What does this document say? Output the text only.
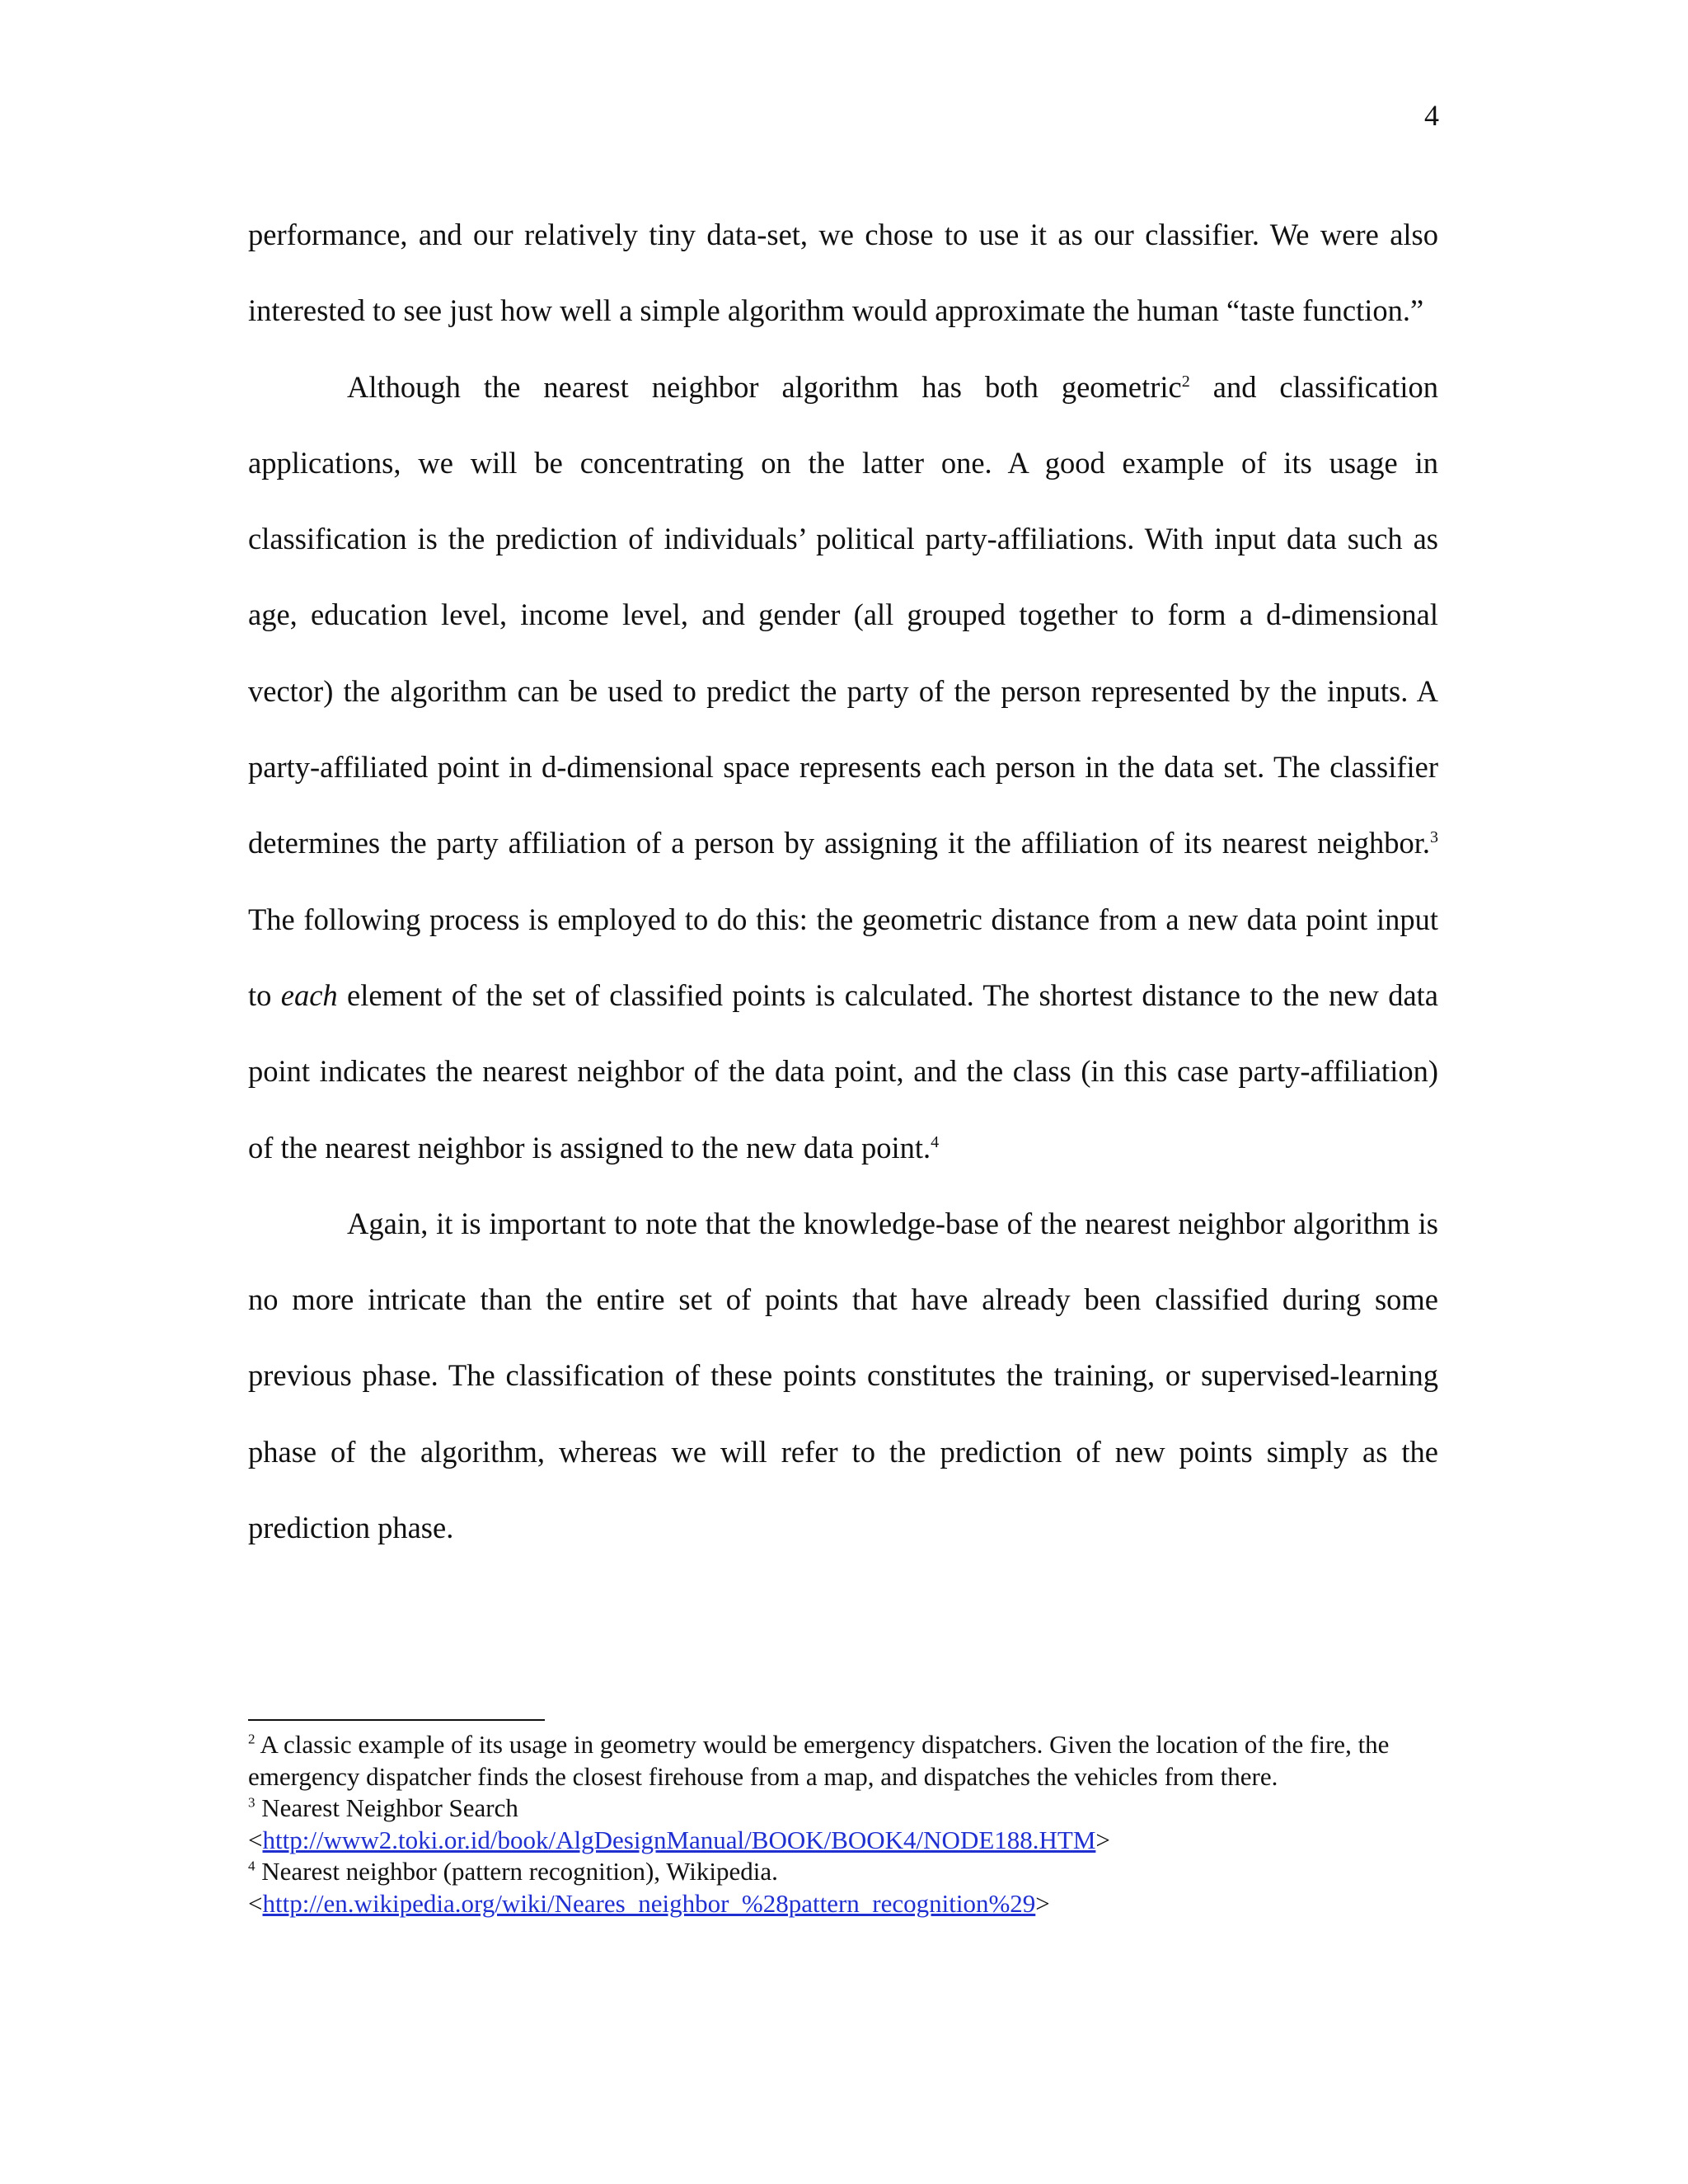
4

performance, and our relatively tiny data-set, we chose to use it as our classifier. We were also interested to see just how well a simple algorithm would approximate the human “taste function.”

Although the nearest neighbor algorithm has both geometric$^2$ and classification applications, we will be concentrating on the latter one. A good example of its usage in classification is the prediction of individuals’ political party-affiliations. With input data such as age, education level, income level, and gender (all grouped together to form a d-dimensional vector) the algorithm can be used to predict the party of the person represented by the inputs. A party-affiliated point in d-dimensional space represents each person in the data set. The classifier determines the party affiliation of a person by assigning it the affiliation of its nearest neighbor.$^3$ The following process is employed to do this: the geometric distance from a new data point input to each element of the set of classified points is calculated. The shortest distance to the new data point indicates the nearest neighbor of the data point, and the class (in this case party-affiliation) of the nearest neighbor is assigned to the new data point.$^4$

Again, it is important to note that the knowledge-base of the nearest neighbor algorithm is no more intricate than the entire set of points that have already been classified during some previous phase. The classification of these points constitutes the training, or supervised-learning phase of the algorithm, whereas we will refer to the prediction of new points simply as the prediction phase.

$^2$ A classic example of its usage in geometry would be emergency dispatchers. Given the location of the fire, the emergency dispatcher finds the closest firehouse from a map, and dispatches the vehicles from there.

$^3$ Nearest Neighbor Search
<http://www2.toki.or.id/book/AlgDesignManual/BOOK/BOOK4/NODE188.HTM>

$^4$ Nearest neighbor (pattern recognition), Wikipedia.
<http://en.wikipedia.org/wiki/Neares_neighbor_%28pattern_recognition%29>
